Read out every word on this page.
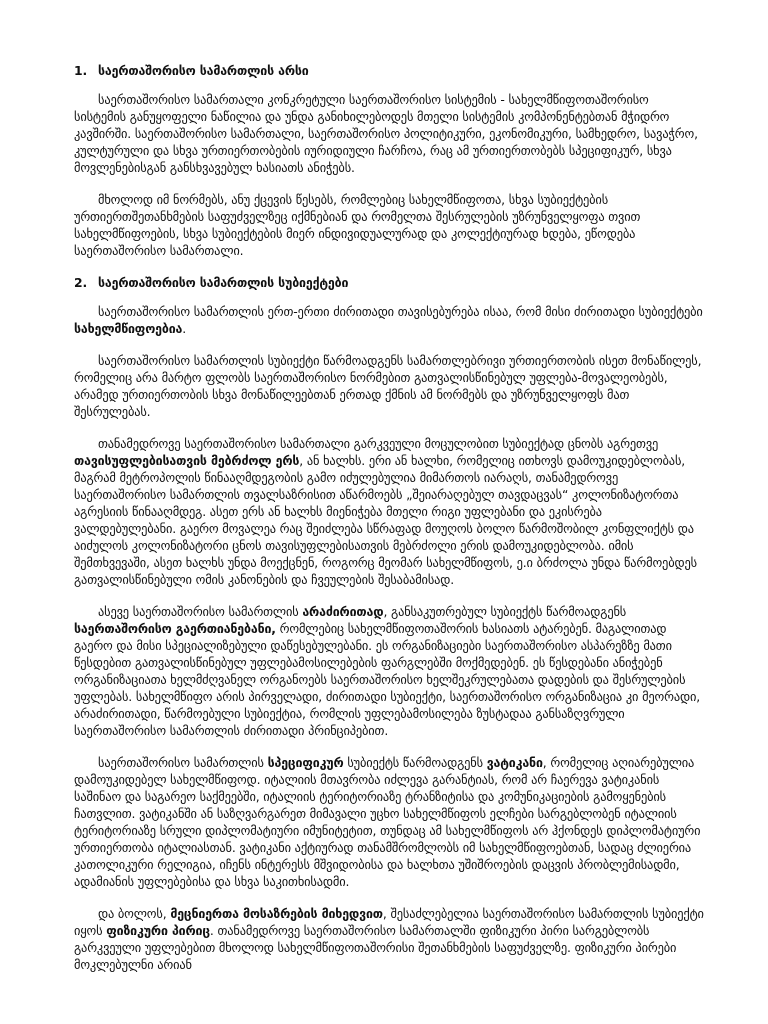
1. საერთაშორისო სამართლის არსი

საერთაშორისო სამართალი კონკრეტული საერთაშორისო სისტემის - სახელმწიფოთაშორისო სისტემის განუყოფელი ნაწილია და უნდა განიხილებოდეს მთელი სისტემის კომპონენტებთან მჭიდრო კავშირში. საერთაშორისო სამართალი, საერთაშორისო პოლიტიკური, ეკონომიკური, სამხედრო, სავაჭრო, კულტურული და სხვა ურთიერთობების იურიდიული ჩარჩოა, რაც ამ ურთიერთობებს სპეციფიკურ, სხვა მოვლენებისგან განსხვავებულ ხასიათს ანიჭებს.

მხოლოდ იმ ნორმებს, ანუ ქცევის წესებს, რომლებიც სახელმწიფოთა, სხვა სუბიექტების ურთიერთშეთანხმების საფუძველზეც იქმნებიან და რომელთა შესრულების უზრუნველყოფა თვით სახელმწიფოების, სხვა სუბიექტების მიერ ინდივიდუალურად და კოლექტიურად ხდება, ეწოდება საერთაშორისო სამართალი.

2. საერთაშორისო სამართლის სუბიექტები

საერთაშორისო სამართლის ერთ-ერთი ძირითადი თავისებურება ისაა, რომ მისი ძირითადი სუბიექტები სახელმწიფოებია.

საერთაშორისო სამართლის სუბიექტი წარმოადგენს სამართლებრივი ურთიერთობის ისეთ მონაწილეს, რომელიც არა მარტო ფლობს საერთაშორისო ნორმებით გათვალისწინებულ უფლება-მოვალეობებს, არამედ ურთიერთობის სხვა მონაწილეებთან ერთად ქმნის ამ ნორმებს და უზრუნველყოფს მათ შესრულებას.

თანამედროვე საერთაშორისო სამართალი გარკვეული მოცულობით სუბიექტად ცნობს აგრეთვე თავისუფლებისათვის მებრძოლ ერს, ან ხალხს. ერი ან ხალხი, რომელიც ითხოვს დამოუკიდებლობას, მაგრამ მეტროპოლის წინააღმდეგობის გამო იძულებულია მიმართოს იარაღს, თანამედროვე საერთაშორისო სამართლის თვალსაზრისით აწარმოებს „შეიარაღებულ თავდაცვას“ კოლონიზატორთა აგრესიის წინააღმდეგ. ასეთ ერს ან ხალხს მიენიჭება მთელი რიგი უფლებანი და ეკისრება ვალდებულებანი. გაერო მოვალეა რაც შეიძლება სწრაფად მოუღოს ბოლო წარმოშობილ კონფლიქტს და აიძულოს კოლონიზატორი ცნოს თავისუფლებისათვის მებრძოლი ერის დამოუკიდებლობა. იმის შემთხვევაში, ასეთ ხალხს უნდა მოექცნენ, როგორც მეომარ სახელმწიფოს, ე.ი ბრძოლა უნდა წარმოებდეს გათვალისწინებული ომის კანონების და ჩვეულების შესაბამისად.

ასევე საერთაშორისო სამართლის არაძირითად, განსაკუთრებულ სუბიექტს წარმოადგენს საერთაშორისო გაერთიანებანი, რომლებიც სახელმწიფოთაშორის ხასიათს ატარებენ. მაგალითად გაერო და მისი სპეციალიზებული დაწესებულებანი. ეს ორგანიზაციები საერთაშორისო ასპარეზზე მათი წესდებით გათვალისწინებულ უფლებამოსილებების ფარგლებში მოქმედებენ. ეს წესდებანი ანიჭებენ ორგანიზაციათა ხელმძღვანელ ორგანოებს საერთაშორისო ხელშეკრულებათა დადების და შესრულების უფლებას. სახელმწიფო არის პირველადი, ძირითადი სუბიექტი, საერთაშორისო ორგანიზაცია კი მეორადი, არაძირითადი, წარმოებული სუბიექტია, რომლის უფლებამოსილება ზუსტადაა განსაზღვრული საერთაშორისო სამართლის ძირითადი პრინციპებით.

საერთაშორისო სამართლის სპეციფიკურ სუბიექტს წარმოადგენს ვატიკანი, რომელიც აღიარებულია დამოუკიდებელ სახელმწიფოდ. იტალიის მთავრობა იძლევა გარანტიას, რომ არ ჩაერევა ვატიკანის საშინაო და საგარეო საქმეებში, იტალიის ტერიტორიაზე ტრანზიტისა და კომუნიკაციების გამოყენების ჩათვლით. ვატიკანში ან საზღვარგარეთ მიმავალი უცხო სახელმწიფოს ელჩები სარგებლობენ იტალიის ტერიტორიაზე სრული დიპლომატიური იმუნიტეტით, თუნდაც ამ სახელმწიფოს არ ჰქონდეს დიპლომატიური ურთიერთობა იტალიასთან. ვატიკანი აქტიურად თანამშრომლობს იმ სახელმწიფოებთან, სადაც ძლიერია კათოლიკური რელიგია, იჩენს ინტერესს მშვიდობისა და ხალხთა უშიშროების დაცვის პრობლემისადმი, ადამიანის უფლებებისა და სხვა საკითხისადმი.

და ბოლოს, მეცნიერთა მოსაზრების მიხედვით, შესაძლებელია საერთაშორისო სამართლის სუბიექტი იყოს ფიზიკური პირიც. თანამედროვე საერთაშორისო სამართალში ფიზიკური პირი სარგებლობს გარკვეული უფლებებით მხოლოდ სახელმწიფოთაშორისი შეთანხმების საფუძველზე. ფიზიკური პირები მოკლებულნი არიან
